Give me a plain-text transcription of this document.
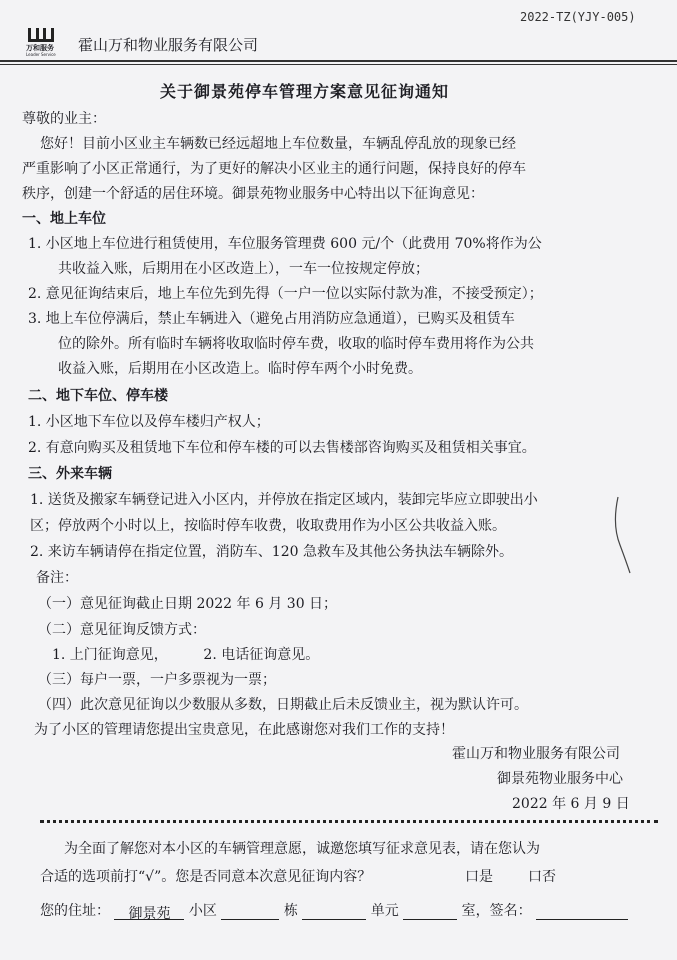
2022-TZ(YJY-005)
万和服务
Leader Service
霍山万和物业服务有限公司
关于御景苑停车管理方案意见征询通知
尊敬的业主：
您好！目前小区业主车辆数已经远超地上车位数量，车辆乱停乱放的现象已经
严重影响了小区正常通行，为了更好的解决小区业主的通行问题，保持良好的停车
秩序，创建一个舒适的居住环境。御景苑物业服务中心特出以下征询意见：
一、地上车位
1. 小区地上车位进行租赁使用，车位服务管理费 600 元/个（此费用 70%将作为公
共收益入账，后期用在小区改造上），一车一位按规定停放；
2. 意见征询结束后，地上车位先到先得（一户一位以实际付款为准，不接受预定）；
3. 地上车位停满后，禁止车辆进入（避免占用消防应急通道），已购买及租赁车
位的除外。所有临时车辆将收取临时停车费，收取的临时停车费用将作为公共
收益入账，后期用在小区改造上。临时停车两个小时免费。
二、地下车位、停车楼
1. 小区地下车位以及停车楼归产权人；
2. 有意向购买及租赁地下车位和停车楼的可以去售楼部咨询购买及租赁相关事宜。
三、外来车辆
1. 送货及搬家车辆登记进入小区内，并停放在指定区域内，装卸完毕应立即驶出小
区；停放两个小时以上，按临时停车收费，收取费用作为小区公共收益入账。
2. 来访车辆请停在指定位置，消防车、120 急救车及其他公务执法车辆除外。
备注：
（一）意见征询截止日期 2022 年 6 月 30 日；
（二）意见征询反馈方式：
1. 上门征询意见，        2. 电话征询意见。
（三）每户一票，一户多票视为一票；
（四）此次意见征询以少数服从多数，日期截止后未反馈业主，视为默认许可。
为了小区的管理请您提出宝贵意见，在此感谢您对我们工作的支持！
霍山万和物业服务有限公司
御景苑物业服务中心
2022 年 6 月 9 日
为全面了解您对本小区的车辆管理意愿，诚邀您填写征求意见表，请在您认为
合适的选项前打“√”。您是否同意本次意见征询内容？	口是	口否
您的住址： 御景苑 小区	栋	单元	室，签名：
